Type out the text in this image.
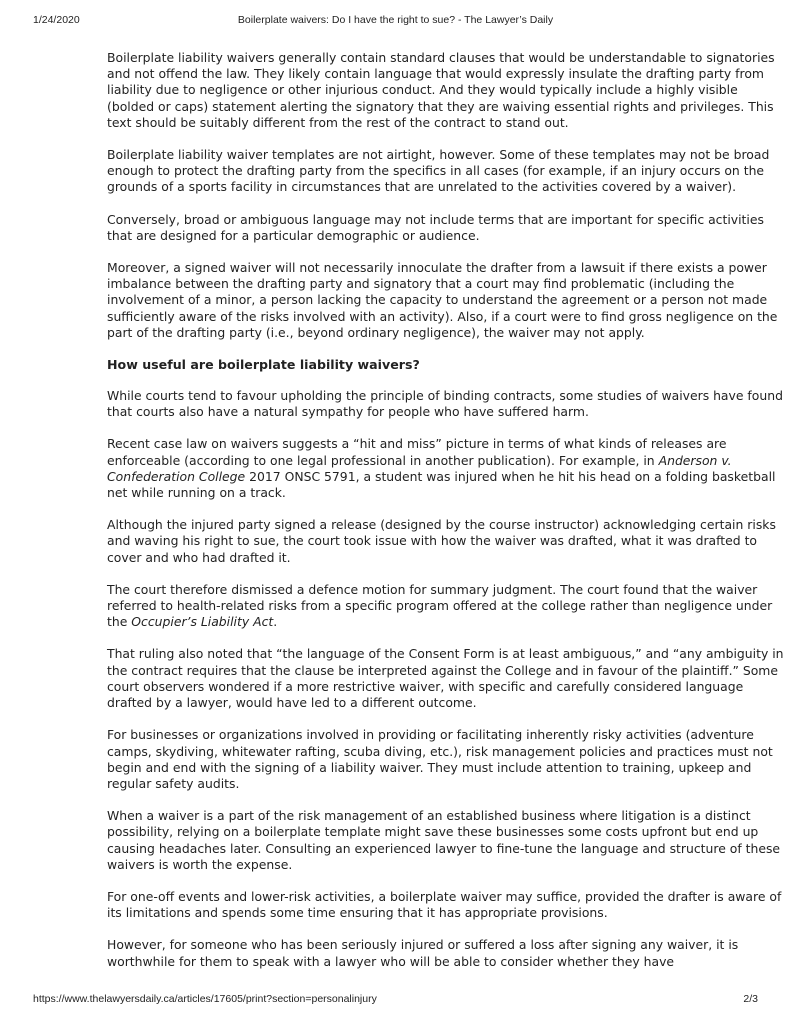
1/24/2020	Boilerplate waivers: Do I have the right to sue? - The Lawyer’s Daily

Boilerplate liability waivers generally contain standard clauses that would be understandable to signatories and not offend the law. They likely contain language that would expressly insulate the drafting party from liability due to negligence or other injurious conduct. And they would typically include a highly visible (bolded or caps) statement alerting the signatory that they are waiving essential rights and privileges. This text should be suitably different from the rest of the contract to stand out.

Boilerplate liability waiver templates are not airtight, however. Some of these templates may not be broad enough to protect the drafting party from the specifics in all cases (for example, if an injury occurs on the grounds of a sports facility in circumstances that are unrelated to the activities covered by a waiver).

Conversely, broad or ambiguous language may not include terms that are important for specific activities that are designed for a particular demographic or audience.

Moreover, a signed waiver will not necessarily innoculate the drafter from a lawsuit if there exists a power imbalance between the drafting party and signatory that a court may find problematic (including the involvement of a minor, a person lacking the capacity to understand the agreement or a person not made sufficiently aware of the risks involved with an activity). Also, if a court were to find gross negligence on the part of the drafting party (i.e., beyond ordinary negligence), the waiver may not apply.

How useful are boilerplate liability waivers?

While courts tend to favour upholding the principle of binding contracts, some studies of waivers have found that courts also have a natural sympathy for people who have suffered harm.

Recent case law on waivers suggests a “hit and miss” picture in terms of what kinds of releases are enforceable (according to one legal professional in another publication). For example, in Anderson v. Confederation College 2017 ONSC 5791, a student was injured when he hit his head on a folding basketball net while running on a track.

Although the injured party signed a release (designed by the course instructor) acknowledging certain risks and waving his right to sue, the court took issue with how the waiver was drafted, what it was drafted to cover and who had drafted it.

The court therefore dismissed a defence motion for summary judgment. The court found that the waiver referred to health-related risks from a specific program offered at the college rather than negligence under the Occupier’s Liability Act.

That ruling also noted that “the language of the Consent Form is at least ambiguous,” and “any ambiguity in the contract requires that the clause be interpreted against the College and in favour of the plaintiff.” Some court observers wondered if a more restrictive waiver, with specific and carefully considered language drafted by a lawyer, would have led to a different outcome.

For businesses or organizations involved in providing or facilitating inherently risky activities (adventure camps, skydiving, whitewater rafting, scuba diving, etc.), risk management policies and practices must not begin and end with the signing of a liability waiver. They must include attention to training, upkeep and regular safety audits.

When a waiver is a part of the risk management of an established business where litigation is a distinct possibility, relying on a boilerplate template might save these businesses some costs upfront but end up causing headaches later. Consulting an experienced lawyer to fine-tune the language and structure of these waivers is worth the expense.

For one-off events and lower-risk activities, a boilerplate waiver may suffice, provided the drafter is aware of its limitations and spends some time ensuring that it has appropriate provisions.

However, for someone who has been seriously injured or suffered a loss after signing any waiver, it is worthwhile for them to speak with a lawyer who will be able to consider whether they have

https://www.thelawyersdaily.ca/articles/17605/print?section=personalinjury	2/3
